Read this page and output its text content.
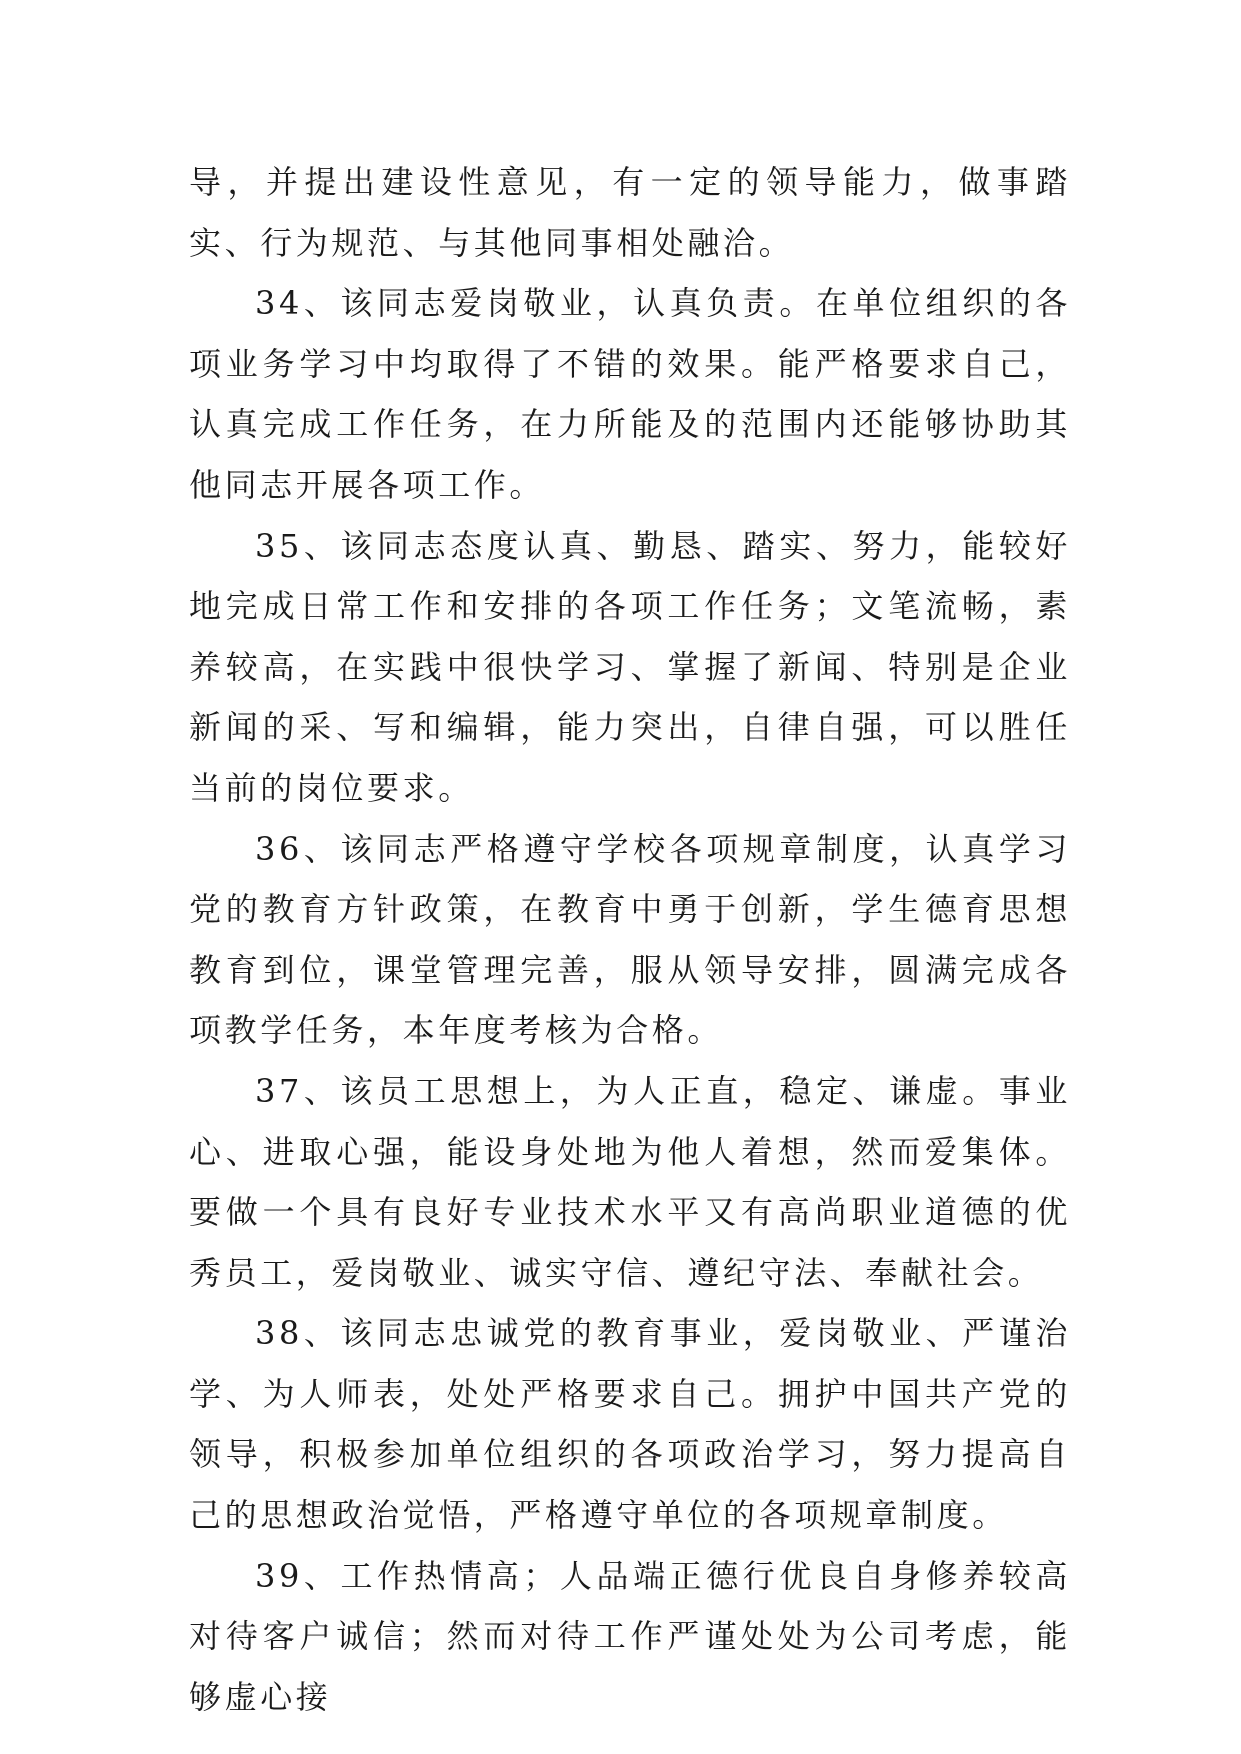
导，并提出建设性意见，有一定的领导能力，做事踏实、行为规范、与其他同事相处融洽。

34、该同志爱岗敬业，认真负责。在单位组织的各项业务学习中均取得了不错的效果。能严格要求自己，认真完成工作任务，在力所能及的范围内还能够协助其他同志开展各项工作。

35、该同志态度认真、勤恳、踏实、努力，能较好地完成日常工作和安排的各项工作任务；文笔流畅，素养较高，在实践中很快学习、掌握了新闻、特别是企业新闻的采、写和编辑，能力突出，自律自强，可以胜任当前的岗位要求。

36、该同志严格遵守学校各项规章制度，认真学习党的教育方针政策，在教育中勇于创新，学生德育思想教育到位，课堂管理完善，服从领导安排，圆满完成各项教学任务，本年度考核为合格。

37、该员工思想上，为人正直，稳定、谦虚。事业心、进取心强，能设身处地为他人着想，然而爱集体。要做一个具有良好专业技术水平又有高尚职业道德的优秀员工，爱岗敬业、诚实守信、遵纪守法、奉献社会。

38、该同志忠诚党的教育事业，爱岗敬业、严谨治学、为人师表，处处严格要求自己。拥护中国共产党的领导，积极参加单位组织的各项政治学习，努力提高自己的思想政治觉悟，严格遵守单位的各项规章制度。

39、工作热情高；人品端正德行优良自身修养较高对待客户诚信；然而对待工作严谨处处为公司考虑，能够虚心接
